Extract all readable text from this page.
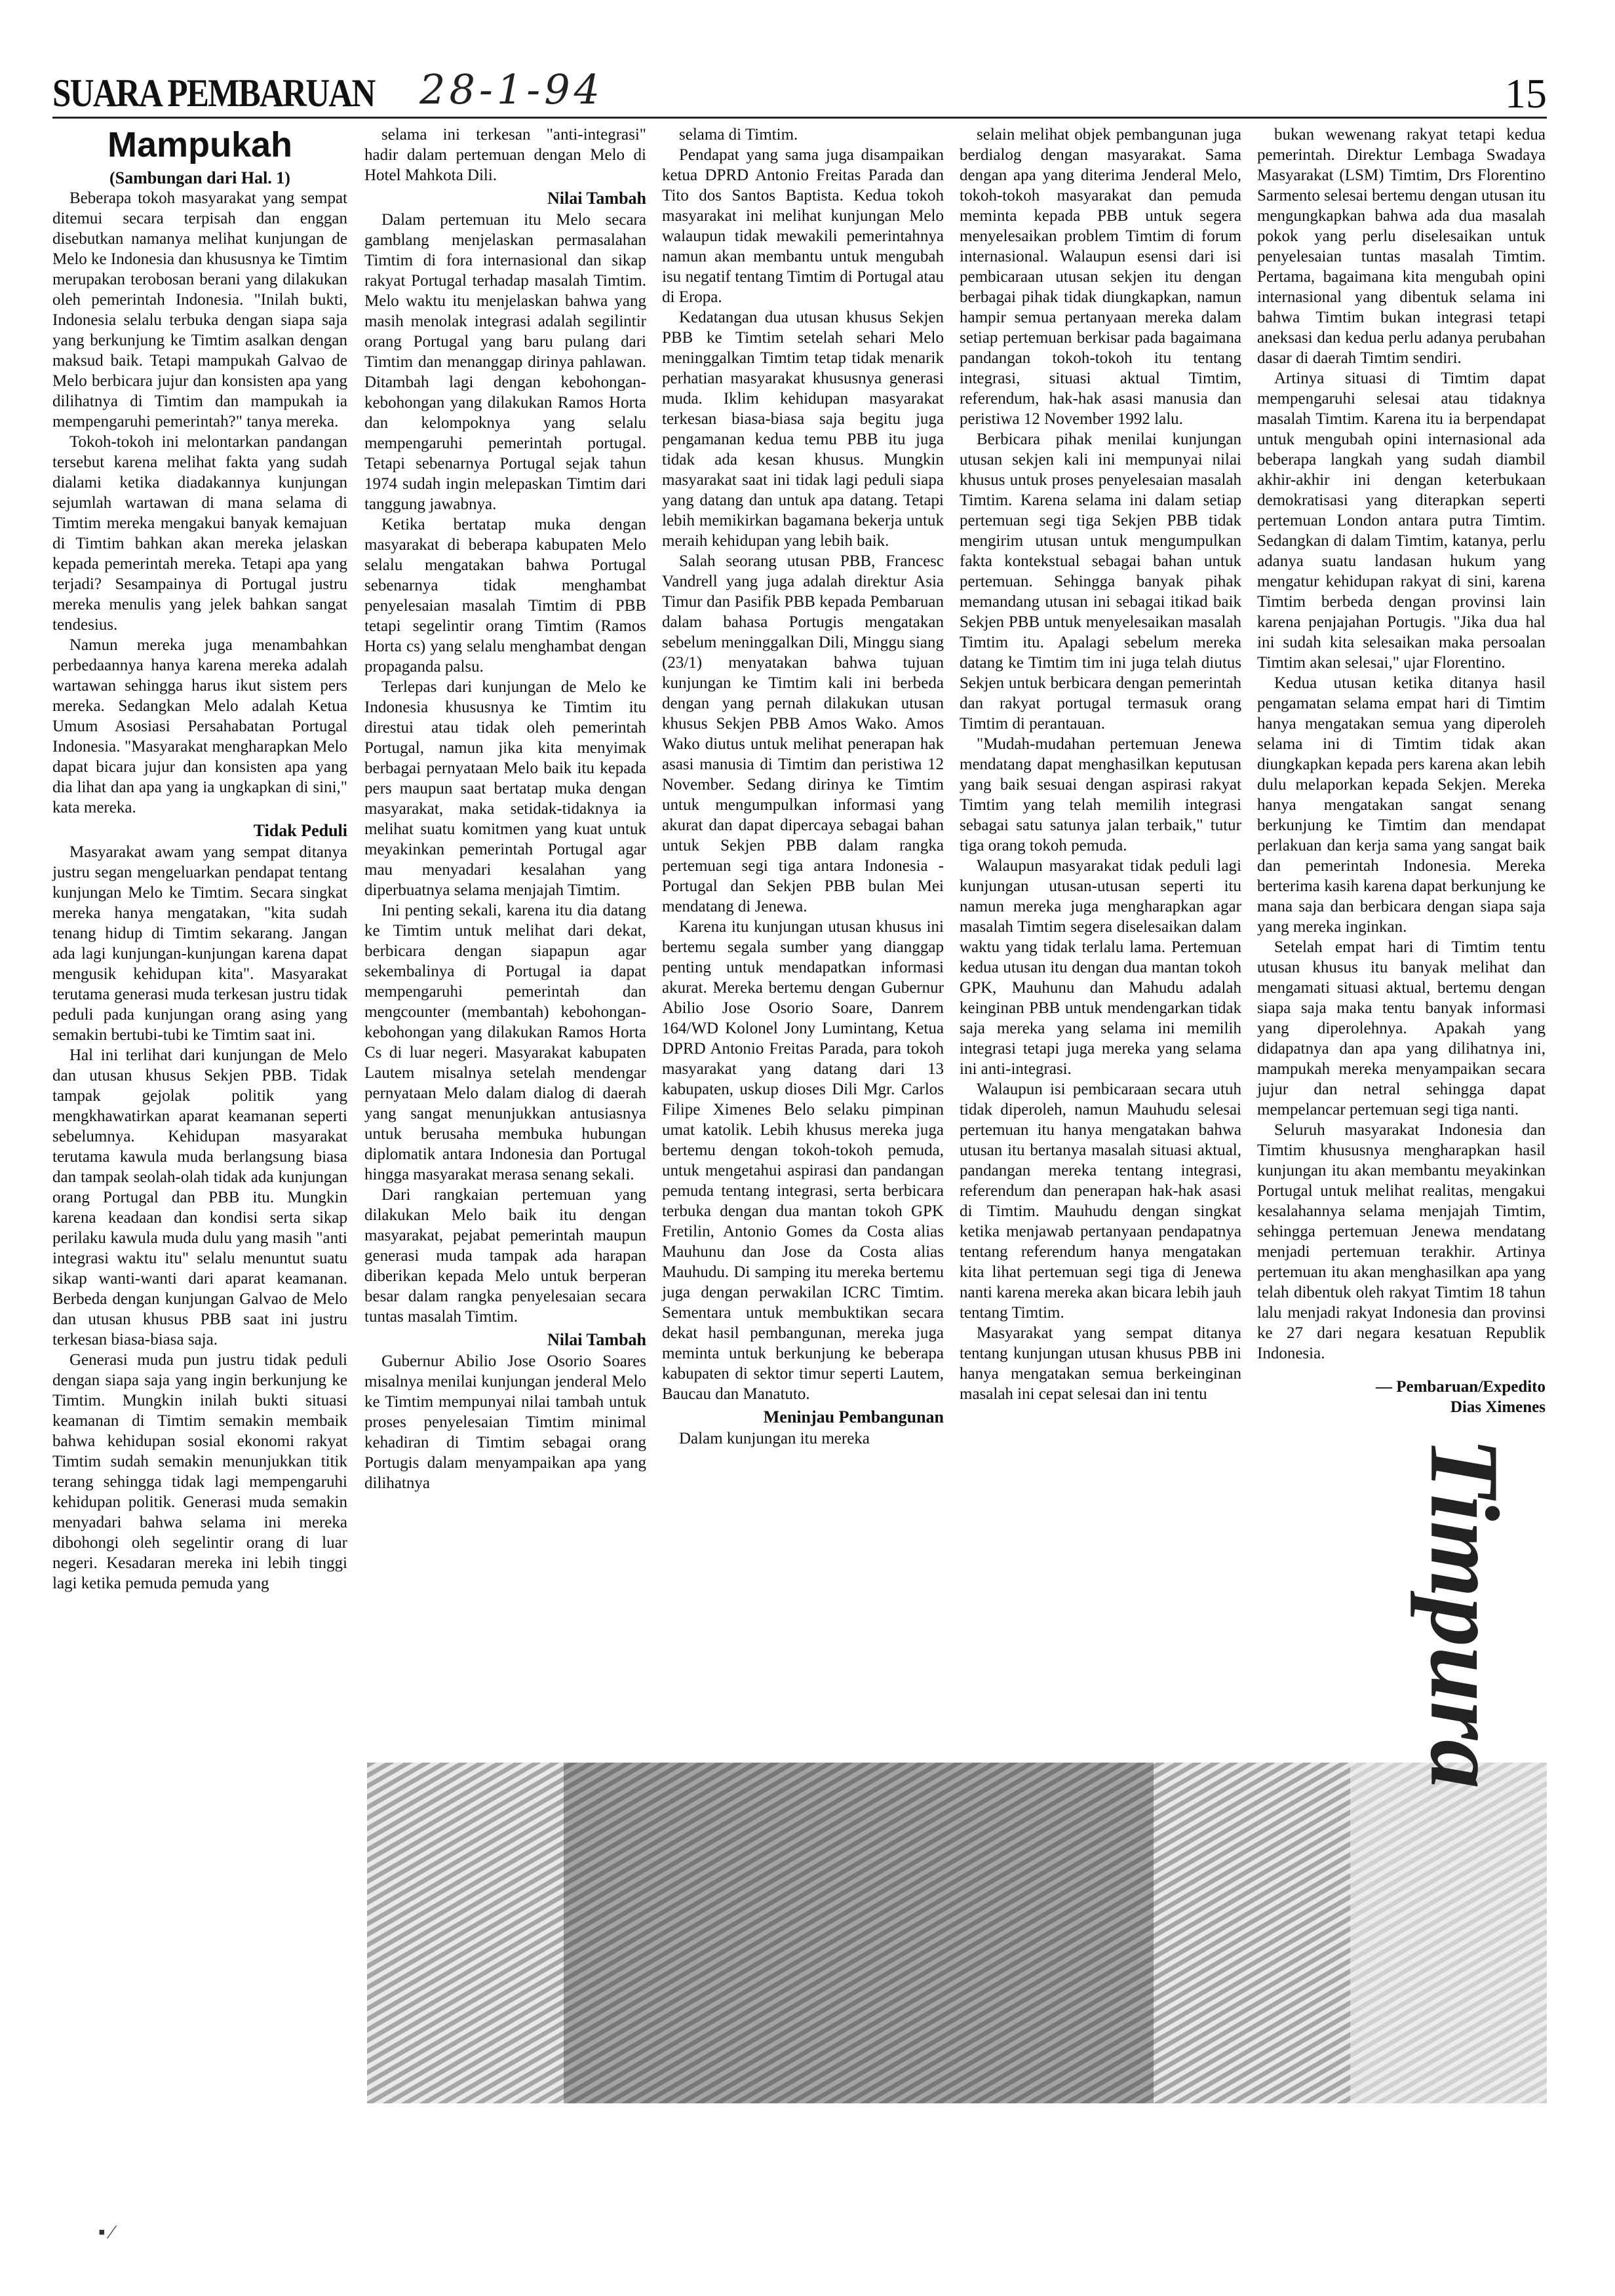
SUARA PEMBARUAN 28-1-94	15
Mampukah

(Sambungan dari Hal. 1)

Beberapa tokoh masyarakat yang sempat ditemui secara terpisah dan enggan disebutkan namanya melihat kunjungan de Melo ke Indonesia dan khususnya ke Timtim merupakan terobosan berani yang dilakukan oleh pemerintah Indonesia. "Inilah bukti, Indonesia selalu terbuka dengan siapa saja yang berkunjung ke Timtim asalkan dengan maksud baik. Tetapi mampukah Galvao de Melo berbicara jujur dan konsisten apa yang dilihatnya di Timtim dan mampukah ia mempengaruhi pemerintah?" tanya mereka.

Tokoh-tokoh ini melontarkan pandangan tersebut karena melihat fakta yang sudah dialami ketika diadakannya kunjungan sejumlah wartawan di mana selama di Timtim mereka mengakui banyak kemajuan di Timtim bahkan akan mereka jelaskan kepada pemerintah mereka. Tetapi apa yang terjadi? Sesampainya di Portugal justru mereka menulis yang jelek bahkan sangat tendesius.

Namun mereka juga menambahkan perbedaannya hanya karena mereka adalah wartawan sehingga harus ikut sistem pers mereka. Sedangkan Melo adalah Ketua Umum Asosiasi Persahabatan Portugal Indonesia. "Masyarakat mengharapkan Melo dapat bicara jujur dan konsisten apa yang dia lihat dan apa yang ia ungkapkan di sini," kata mereka.

Tidak Peduli

Masyarakat awam yang sempat ditanya justru segan mengeluarkan pendapat tentang kunjungan Melo ke Timtim. Secara singkat mereka hanya mengatakan, "kita sudah tenang hidup di Timtim sekarang. Jangan ada lagi kunjungan-kunjungan karena dapat mengusik kehidupan kita". Masyarakat terutama generasi muda terkesan justru tidak peduli pada kunjungan orang asing yang semakin bertubi-tubi ke Timtim saat ini.

Hal ini terlihat dari kunjungan de Melo dan utusan khusus Sekjen PBB. Tidak tampak gejolak politik yang mengkhawatirkan aparat keamanan seperti sebelumnya. Kehidupan masyarakat terutama kawula muda berlangsung biasa dan tampak seolah-olah tidak ada kunjungan orang Portugal dan PBB itu. Mungkin karena keadaan dan kondisi serta sikap perilaku kawula muda dulu yang masih "anti integrasi waktu itu" selalu menuntut suatu sikap wanti-wanti dari aparat keamanan. Berbeda dengan kunjungan Galvao de Melo dan utusan khusus PBB saat ini justru terkesan biasa-biasa saja.

Generasi muda pun justru tidak peduli dengan siapa saja yang ingin berkunjung ke Timtim. Mungkin inilah bukti situasi keamanan di Timtim semakin membaik bahwa kehidupan sosial ekonomi rakyat Timtim sudah semakin menunjukkan titik terang sehingga tidak lagi mempengaruhi kehidupan politik. Generasi muda semakin menyadari bahwa selama ini mereka dibohongi oleh segelintir orang di luar negeri. Kesadaran mereka ini lebih tinggi lagi ketika pemuda pemuda yang

selama ini terkesan "anti-integrasi" hadir dalam pertemuan dengan Melo di Hotel Mahkota Dili.

Nilai Tambah

Dalam pertemuan itu Melo secara gamblang menjelaskan permasalahan Timtim di fora internasional dan sikap rakyat Portugal terhadap masalah Timtim. Melo waktu itu menjelaskan bahwa yang masih menolak integrasi adalah segilintir orang Portugal yang baru pulang dari Timtim dan menanggap dirinya pahlawan. Ditambah lagi dengan kebohongan-kebohongan yang dilakukan Ramos Horta dan kelompoknya yang selalu mempengaruhi pemerintah portugal. Tetapi sebenarnya Portugal sejak tahun 1974 sudah ingin melepaskan Timtim dari tanggung jawabnya.

Ketika bertatap muka dengan masyarakat di beberapa kabupaten Melo selalu mengatakan bahwa Portugal sebenarnya tidak menghambat penyelesaian masalah Timtim di PBB tetapi segelintir orang Timtim (Ramos Horta cs) yang selalu menghambat dengan propaganda palsu.

Terlepas dari kunjungan de Melo ke Indonesia khususnya ke Timtim itu direstui atau tidak oleh pemerintah Portugal, namun jika kita menyimak berbagai pernyataan Melo baik itu kepada pers maupun saat bertatap muka dengan masyarakat, maka setidak-tidaknya ia melihat suatu komitmen yang kuat untuk meyakinkan pemerintah Portugal agar mau menyadari kesalahan yang diperbuatnya selama menjajah Timtim.

Ini penting sekali, karena itu dia datang ke Timtim untuk melihat dari dekat, berbicara dengan siapapun agar sekembalinya di Portugal ia dapat mempengaruhi pemerintah dan mengcounter (membantah) kebohongan-kebohongan yang dilakukan Ramos Horta Cs di luar negeri. Masyarakat kabupaten Lautem misalnya setelah mendengar pernyataan Melo dalam dialog di daerah yang sangat menunjukkan antusiasnya untuk berusaha membuka hubungan diplomatik antara Indonesia dan Portugal hingga masyarakat merasa senang sekali.

Dari rangkaian pertemuan yang dilakukan Melo baik itu dengan masyarakat, pejabat pemerintah maupun generasi muda tampak ada harapan diberikan kepada Melo untuk berperan besar dalam rangka penyelesaian secara tuntas masalah Timtim.

Nilai Tambah

Gubernur Abilio Jose Osorio Soares misalnya menilai kunjungan jenderal Melo ke Timtim mempunyai nilai tambah untuk proses penyelesaian Timtim minimal kehadiran di Timtim sebagai orang Portugis dalam menyampaikan apa yang dilihatnya

selama di Timtim.

Pendapat yang sama juga disampaikan ketua DPRD Antonio Freitas Parada dan Tito dos Santos Baptista. Kedua tokoh masyarakat ini melihat kunjungan Melo walaupun tidak mewakili pemerintahnya namun akan membantu untuk mengubah isu negatif tentang Timtim di Portugal atau di Eropa.

Kedatangan dua utusan khusus Sekjen PBB ke Timtim setelah sehari Melo meninggalkan Timtim tetap tidak menarik perhatian masyarakat khususnya generasi muda. Iklim kehidupan masyarakat terkesan biasa-biasa saja begitu juga pengamanan kedua temu PBB itu juga tidak ada kesan khusus. Mungkin masyarakat saat ini tidak lagi peduli siapa yang datang dan untuk apa datang. Tetapi lebih memikirkan bagamana bekerja untuk meraih kehidupan yang lebih baik.

Salah seorang utusan PBB, Francesc Vandrell yang juga adalah direktur Asia Timur dan Pasifik PBB kepada Pembaruan dalam bahasa Portugis mengatakan sebelum meninggalkan Dili, Minggu siang (23/1) menyatakan bahwa tujuan kunjungan ke Timtim kali ini berbeda dengan yang pernah dilakukan utusan khusus Sekjen PBB Amos Wako. Amos Wako diutus untuk melihat penerapan hak asasi manusia di Timtim dan peristiwa 12 November. Sedang dirinya ke Timtim untuk mengumpulkan informasi yang akurat dan dapat dipercaya sebagai bahan untuk Sekjen PBB dalam rangka pertemuan segi tiga antara Indonesia - Portugal dan Sekjen PBB bulan Mei mendatang di Jenewa.

Karena itu kunjungan utusan khusus ini bertemu segala sumber yang dianggap penting untuk mendapatkan informasi akurat. Mereka bertemu dengan Gubernur Abilio Jose Osorio Soare, Danrem 164/WD Kolonel Jony Lumintang, Ketua DPRD Antonio Freitas Parada, para tokoh masyarakat yang datang dari 13 kabupaten, uskup dioses Dili Mgr. Carlos Filipe Ximenes Belo selaku pimpinan umat katolik. Lebih khusus mereka juga bertemu dengan tokoh-tokoh pemuda, untuk mengetahui aspirasi dan pandangan pemuda tentang integrasi, serta berbicara terbuka dengan dua mantan tokoh GPK Fretilin, Antonio Gomes da Costa alias Mauhunu dan Jose da Costa alias Mauhudu. Di samping itu mereka bertemu juga dengan perwakilan ICRC Timtim. Sementara untuk membuktikan secara dekat hasil pembangunan, mereka juga meminta untuk berkunjung ke beberapa kabupaten di sektor timur seperti Lautem, Baucau dan Manatuto.

Meninjau Pembangunan

Dalam kunjungan itu mereka

selain melihat objek pembangunan juga berdialog dengan masyarakat. Sama dengan apa yang diterima Jenderal Melo, tokoh-tokoh masyarakat dan pemuda meminta kepada PBB untuk segera menyelesaikan problem Timtim di forum internasional. Walaupun esensi dari isi pembicaraan utusan sekjen itu dengan berbagai pihak tidak diungkapkan, namun hampir semua pertanyaan mereka dalam setiap pertemuan berkisar pada bagaimana pandangan tokoh-tokoh itu tentang integrasi, situasi aktual Timtim, referendum, hak-hak asasi manusia dan peristiwa 12 November 1992 lalu.

Berbicara pihak menilai kunjungan utusan sekjen kali ini mempunyai nilai khusus untuk proses penyelesaian masalah Timtim. Karena selama ini dalam setiap pertemuan segi tiga Sekjen PBB tidak mengirim utusan untuk mengumpulkan fakta kontekstual sebagai bahan untuk pertemuan. Sehingga banyak pihak memandang utusan ini sebagai itikad baik Sekjen PBB untuk menyelesaikan masalah Timtim itu. Apalagi sebelum mereka datang ke Timtim tim ini juga telah diutus Sekjen untuk berbicara dengan pemerintah dan rakyat portugal termasuk orang Timtim di perantauan.

"Mudah-mudahan pertemuan Jenewa mendatang dapat menghasilkan keputusan yang baik sesuai dengan aspirasi rakyat Timtim yang telah memilih integrasi sebagai satu satunya jalan terbaik," tutur tiga orang tokoh pemuda.

Walaupun masyarakat tidak peduli lagi kunjungan utusan-utusan seperti itu namun mereka juga mengharapkan agar masalah Timtim segera diselesaikan dalam waktu yang tidak terlalu lama. Pertemuan kedua utusan itu dengan dua mantan tokoh GPK, Mauhunu dan Mahudu adalah keinginan PBB untuk mendengarkan tidak saja mereka yang selama ini memilih integrasi tetapi juga mereka yang selama ini anti-integrasi.

Walaupun isi pembicaraan secara utuh tidak diperoleh, namun Mauhudu selesai pertemuan itu hanya mengatakan bahwa utusan itu bertanya masalah situasi aktual, pandangan mereka tentang integrasi, referendum dan penerapan hak-hak asasi di Timtim. Mauhudu dengan singkat ketika menjawab pertanyaan pendapatnya tentang referendum hanya mengatakan kita lihat pertemuan segi tiga di Jenewa nanti karena mereka akan bicara lebih jauh tentang Timtim.

Masyarakat yang sempat ditanya tentang kunjungan utusan khusus PBB ini hanya mengatakan semua berkeinginan masalah ini cepat selesai dan ini tentu

bukan wewenang rakyat tetapi kedua pemerintah. Direktur Lembaga Swadaya Masyarakat (LSM) Timtim, Drs Florentino Sarmento selesai bertemu dengan utusan itu mengungkapkan bahwa ada dua masalah pokok yang perlu diselesaikan untuk penyelesaian tuntas masalah Timtim. Pertama, bagaimana kita mengubah opini internasional yang dibentuk selama ini bahwa Timtim bukan integrasi tetapi aneksasi dan kedua perlu adanya perubahan dasar di daerah Timtim sendiri.

Artinya situasi di Timtim dapat mempengaruhi selesai atau tidaknya masalah Timtim. Karena itu ia berpendapat untuk mengubah opini internasional ada beberapa langkah yang sudah diambil akhir-akhir ini dengan keterbukaan demokratisasi yang diterapkan seperti pertemuan London antara putra Timtim. Sedangkan di dalam Timtim, katanya, perlu adanya suatu landasan hukum yang mengatur kehidupan rakyat di sini, karena Timtim berbeda dengan provinsi lain karena penjajahan Portugis. "Jika dua hal ini sudah kita selesaikan maka persoalan Timtim akan selesai," ujar Florentino.

Kedua utusan ketika ditanya hasil pengamatan selama empat hari di Timtim hanya mengatakan semua yang diperoleh selama ini di Timtim tidak akan diungkapkan kepada pers karena akan lebih dulu melaporkan kepada Sekjen. Mereka hanya mengatakan sangat senang berkunjung ke Timtim dan mendapat perlakuan dan kerja sama yang sangat baik dan pemerintah Indonesia. Mereka berterima kasih karena dapat berkunjung ke mana saja dan berbicara dengan siapa saja yang mereka inginkan.

Setelah empat hari di Timtim tentu utusan khusus itu banyak melihat dan mengamati situasi aktual, bertemu dengan siapa saja maka tentu banyak informasi yang diperolehnya. Apakah yang didapatnya dan apa yang dilihatnya ini, mampukah mereka menyampaikan secara jujur dan netral sehingga dapat mempelancar pertemuan segi tiga nanti.

Seluruh masyarakat Indonesia dan Timtim khususnya mengharapkan hasil kunjungan itu akan membantu meyakinkan Portugal untuk melihat realitas, mengakui kesalahannya selama menjajah Timtim, sehingga pertemuan Jenewa mendatang menjadi pertemuan terakhir. Artinya pertemuan itu akan menghasilkan apa yang telah dibentuk oleh rakyat Timtim 18 tahun lalu menjadi rakyat Indonesia dan provinsi ke 27 dari negara kesatuan Republik Indonesia.

— Pembaruan/Expedito
Dias Ximenes

Timpura
▪ ⁄
